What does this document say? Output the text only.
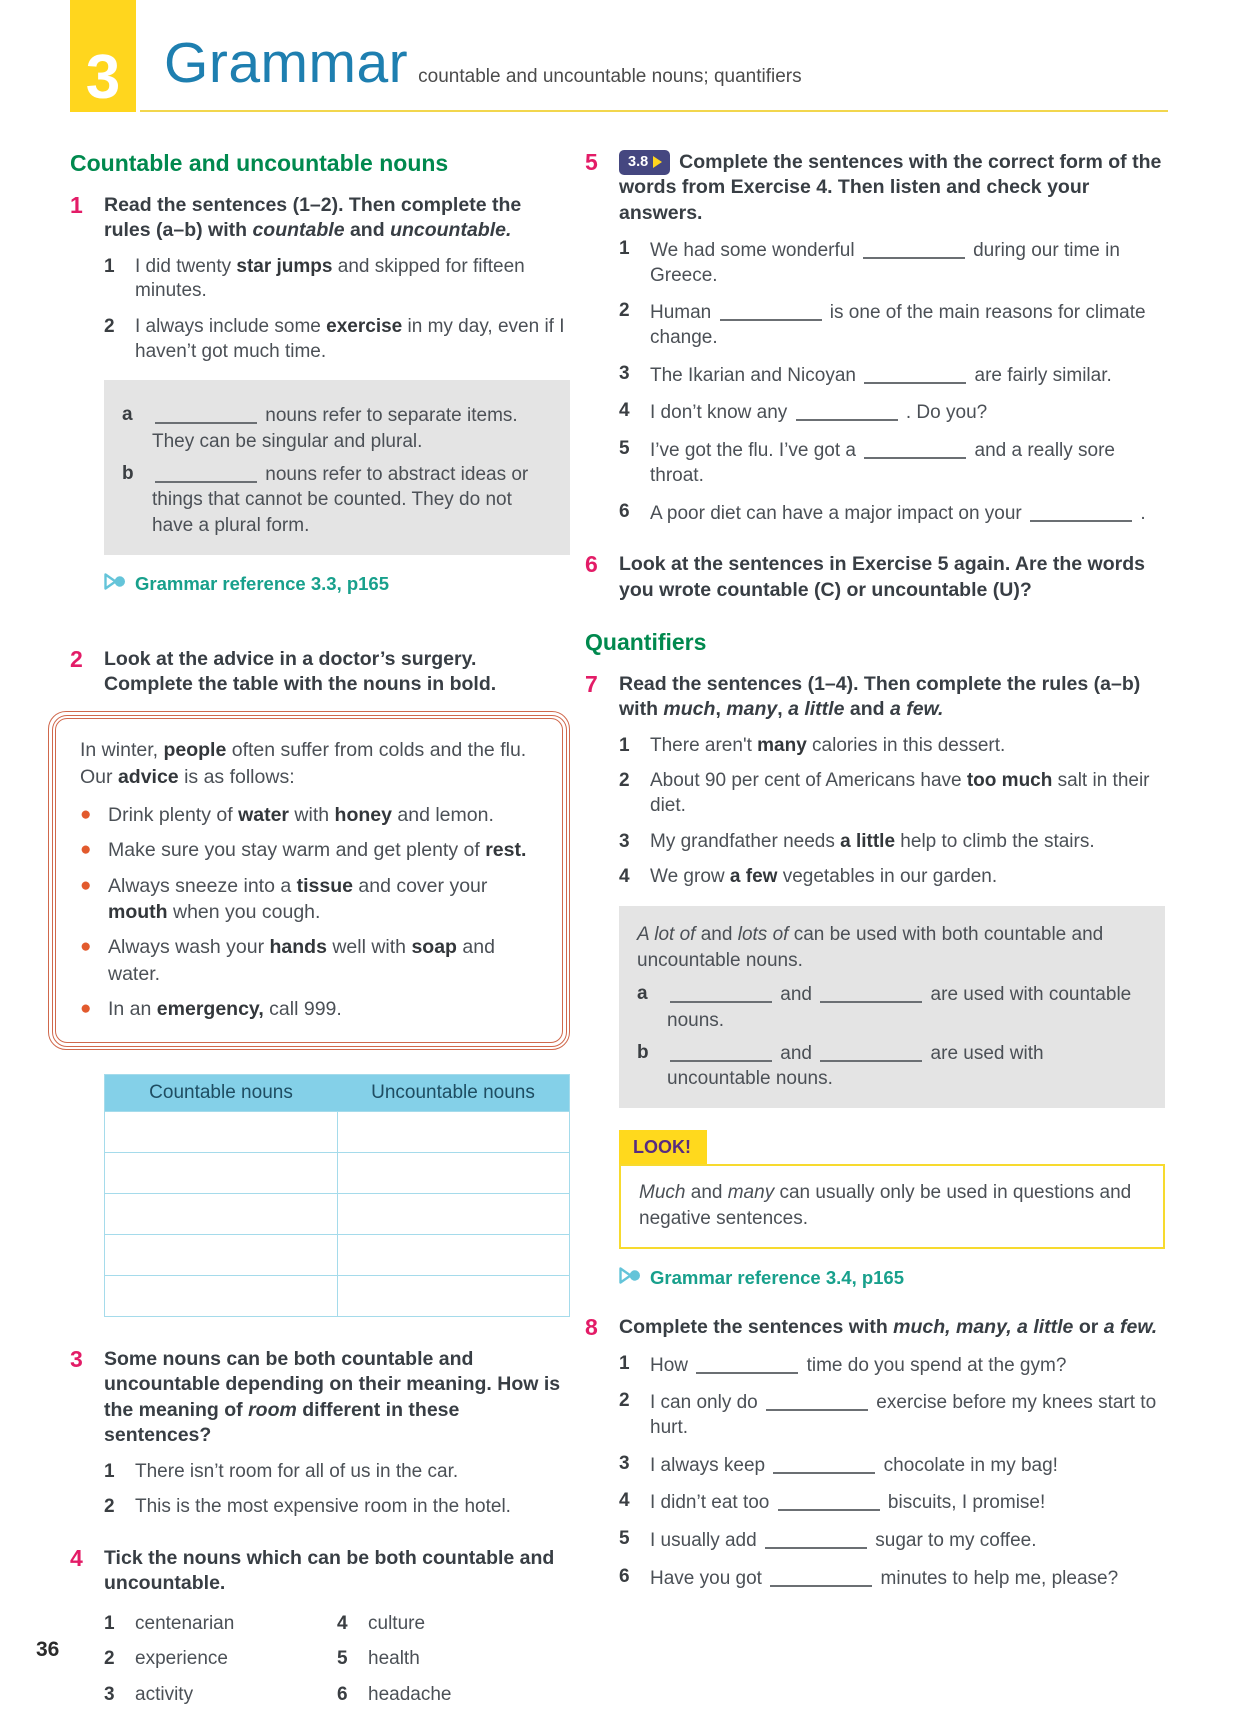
3 Grammar countable and uncountable nouns; quantifiers
Countable and uncountable nouns
1	Read the sentences (1–2). Then complete the rules (a–b) with countable and uncountable.
1	I did twenty star jumps and skipped for fifteen minutes.
2	I always include some exercise in my day, even if I haven’t got much time.
a	nouns refer to separate items. They can be singular and plural.
b	nouns refer to abstract ideas or things that cannot be counted. They do not have a plural form.
Grammar reference 3.3, p165
2	Look at the advice in a doctor’s surgery. Complete the table with the nouns in bold.
In winter, people often suffer from colds and the flu. Our advice is as follows:
● Drink plenty of water with honey and lemon.
● Make sure you stay warm and get plenty of rest.
● Always sneeze into a tissue and cover your mouth when you cough.
● Always wash your hands well with soap and water.
● In an emergency, call 999.
Countable nouns	Uncountable nouns
3	Some nouns can be both countable and uncountable depending on their meaning. How is the meaning of room different in these sentences?
1	There isn’t room for all of us in the car.
2	This is the most expensive room in the hotel.
4	Tick the nouns which can be both countable and uncountable.
1	centenarian
2	experience
3	activity
4	culture
5	health
6	headache
5	3.8 Complete the sentences with the correct form of the words from Exercise 4. Then listen and check your answers.
1	We had some wonderful	during our time in Greece.
2	Human	is one of the main reasons for climate change.
3	The Ikarian and Nicoyan	are fairly similar.
4	I don’t know any	. Do you?
5	I’ve got the flu. I’ve got a	and a really sore throat.
6	A poor diet can have a major impact on your	.
6	Look at the sentences in Exercise 5 again. Are the words you wrote countable (C) or uncountable (U)?
Quantifiers
7	Read the sentences (1–4). Then complete the rules (a–b) with much, many, a little and a few.
1	There aren't many calories in this dessert.
2	About 90 per cent of Americans have too much salt in their diet.
3	My grandfather needs a little help to climb the stairs.
4	We grow a few vegetables in our garden.
A lot of and lots of can be used with both countable and uncountable nouns.
a	and	are used with countable nouns.
b	and	are used with uncountable nouns.
LOOK!
Much and many can usually only be used in questions and negative sentences.
Grammar reference 3.4, p165
8	Complete the sentences with much, many, a little or a few.
1	How	time do you spend at the gym?
2	I can only do	exercise before my knees start to hurt.
3	I always keep	chocolate in my bag!
4	I didn’t eat too	biscuits, I promise!
5	I usually add	sugar to my coffee.
6	Have you got	minutes to help me, please?
36
